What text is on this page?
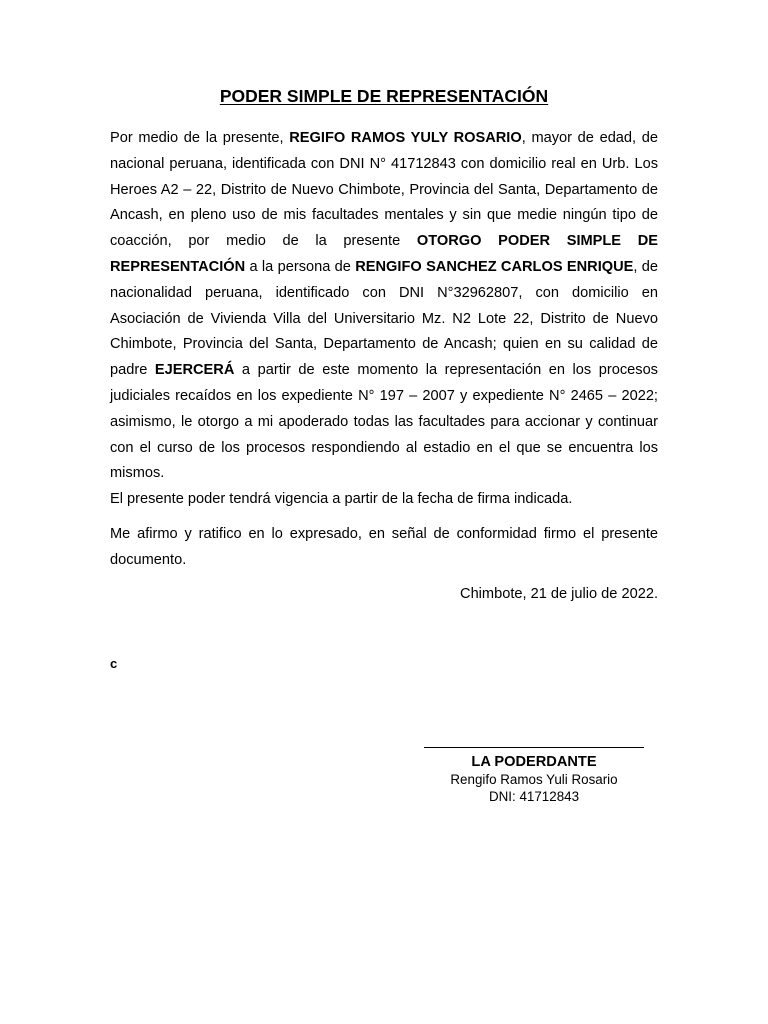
PODER SIMPLE DE REPRESENTACIÓN

Por medio de la presente, REGIFO RAMOS YULY ROSARIO, mayor de edad, de nacional peruana, identificada con DNI N° 41712843 con domicilio real en Urb. Los Heroes A2 – 22, Distrito de Nuevo Chimbote, Provincia del Santa, Departamento de Ancash, en pleno uso de mis facultades mentales y sin que medie ningún tipo de coacción, por medio de la presente OTORGO PODER SIMPLE DE REPRESENTACIÓN a la persona de RENGIFO SANCHEZ CARLOS ENRIQUE, de nacionalidad peruana, identificado con DNI N°32962807, con domicilio en Asociación de Vivienda Villa del Universitario Mz. N2 Lote 22, Distrito de Nuevo Chimbote, Provincia del Santa, Departamento de Ancash; quien en su calidad de padre EJERCERÁ a partir de este momento la representación en los procesos judiciales recaídos en los expediente N° 197 – 2007 y expediente N° 2465 – 2022; asimismo, le otorgo a mi apoderado todas las facultades para accionar y continuar con el curso de los procesos respondiendo al estadio en el que se encuentra los mismos.

El presente poder tendrá vigencia a partir de la fecha de firma indicada.

Me afirmo y ratifico en lo expresado, en señal de conformidad firmo el presente documento.

Chimbote, 21 de julio de 2022.

c

LA PODERDANTE
Rengifo Ramos Yuli Rosario
DNI: 41712843
